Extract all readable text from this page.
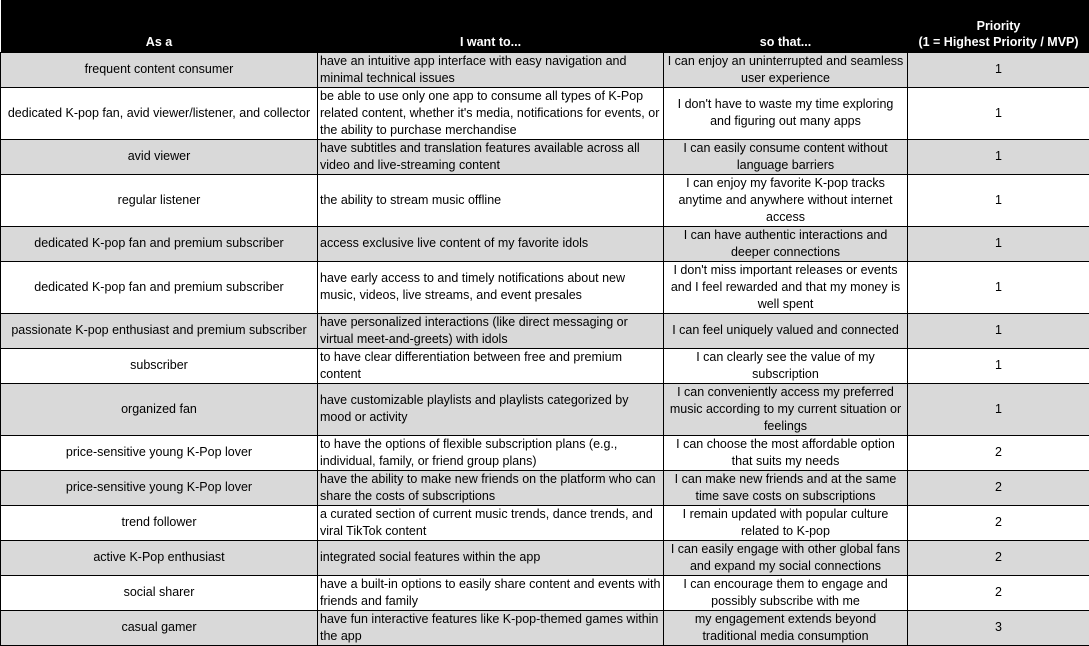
As a	I want to...	so that...	Priority
(1 = Highest Priority / MVP)

frequent content consumer	have an intuitive app interface with easy navigation and minimal technical issues	I can enjoy an uninterrupted and seamless user experience	1
dedicated K-pop fan, avid viewer/listener, and collector	be able to use only one app to consume all types of K-Pop related content, whether it's media, notifications for events, or the ability to purchase merchandise	I don't have to waste my time exploring and figuring out many apps	1
avid viewer	have subtitles and translation features available across all video and live-streaming content	I can easily consume content without language barriers	1
regular listener	the ability to stream music offline	I can enjoy my favorite K-pop tracks anytime and anywhere without internet access	1
dedicated K-pop fan and premium subscriber	access exclusive live content of my favorite idols	I can have authentic interactions and deeper connections	1
dedicated K-pop fan and premium subscriber	have early access to and timely notifications about new music, videos, live streams, and event presales	I don't miss important releases or events and I feel rewarded and that my money is well spent	1
passionate K-pop enthusiast and premium subscriber	have personalized interactions (like direct messaging or virtual meet-and-greets) with idols	I can feel uniquely valued and connected	1
subscriber	to have clear differentiation between free and premium content	I can clearly see the value of my subscription	1
organized fan	have customizable playlists and playlists categorized by mood or activity	I can conveniently access my preferred music according to my current situation or feelings	1
price-sensitive young K-Pop lover	to have the options of flexible subscription plans (e.g., individual, family, or friend group plans)	I can choose the most affordable option that suits my needs	2
price-sensitive young K-Pop lover	have the ability to make new friends on the platform who can share the costs of subscriptions	I can make new friends and at the same time save costs on subscriptions	2
trend follower	a curated section of current music trends, dance trends, and viral TikTok content	I remain updated with popular culture related to K-pop	2
active K-Pop enthusiast	integrated social features within the app	I can easily engage with other global fans and expand my social connections	2
social sharer	have a built-in options to easily share content and events with friends and family	I can encourage them to engage and possibly subscribe with me	2
casual gamer	have fun interactive features like K-pop-themed games within the app	my engagement extends beyond traditional media consumption	3
